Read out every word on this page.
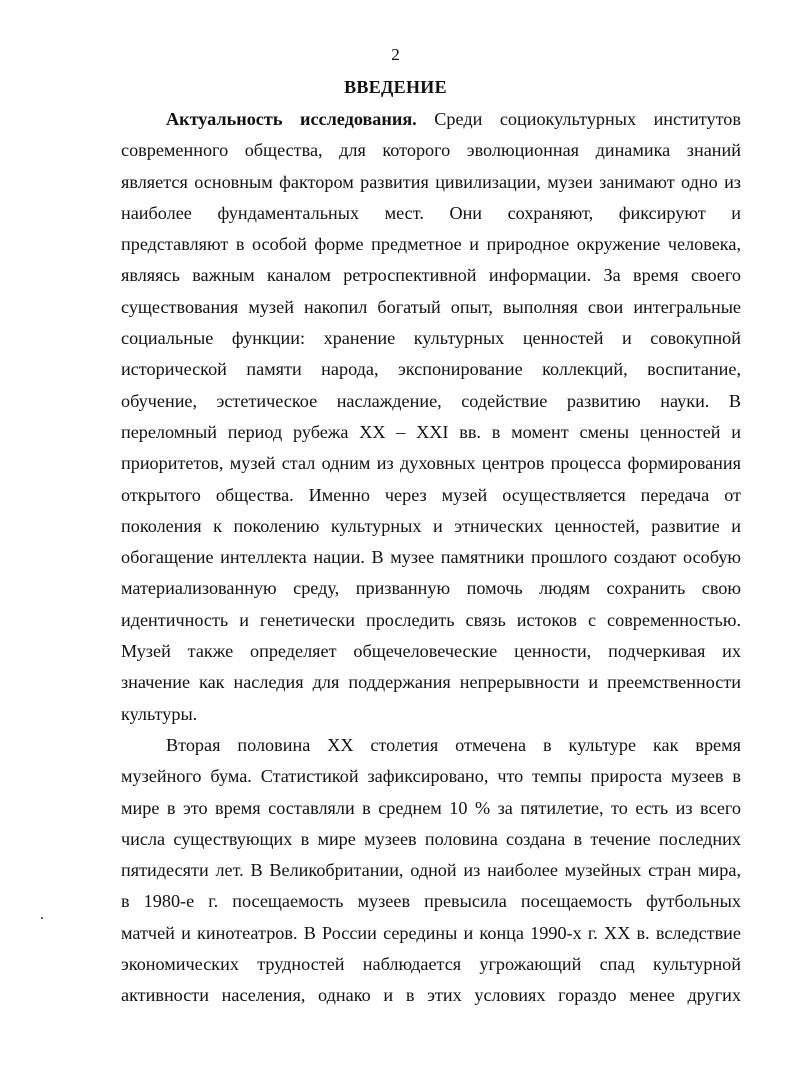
2
ВВЕДЕНИЕ
Актуальность исследования. Среди социокультурных институтов
современного общества, для которого эволюционная динамика знаний
является основным фактором развития цивилизации, музеи занимают одно из
наиболее фундаментальных мест. Они сохраняют, фиксируют и
представляют в особой форме предметное и природное окружение человека,
являясь важным каналом ретроспективной информации. За время своего
существования музей накопил богатый опыт, выполняя свои интегральные
социальные функции: хранение культурных ценностей и совокупной
исторической памяти народа, экспонирование коллекций, воспитание,
обучение, эстетическое наслаждение, содействие развитию науки. В
переломный период рубежа XX – XXI вв. в момент смены ценностей и
приоритетов, музей стал одним из духовных центров процесса формирования
открытого общества. Именно через музей осуществляется передача от
поколения к поколению культурных и этнических ценностей, развитие и
обогащение интеллекта нации. В музее памятники прошлого создают особую
материализованную среду, призванную помочь людям сохранить свою
идентичность и генетически проследить связь истоков с современностью.
Музей также определяет общечеловеческие ценности, подчеркивая их
значение как наследия для поддержания непрерывности и преемственности
культуры.
Вторая половина XX столетия отмечена в культуре как время
музейного бума. Статистикой зафиксировано, что темпы прироста музеев в
мире в это время составляли в среднем 10 % за пятилетие, то есть из всего
числа существующих в мире музеев половина создана в течение последних
пятидесяти лет. В Великобритании, одной из наиболее музейных стран мира,
в 1980-е г. посещаемость музеев превысила посещаемость футбольных
матчей и кинотеатров. В России середины и конца 1990-х г. XX в. вследствие
экономических трудностей наблюдается угрожающий спад культурной
активности населения, однако и в этих условиях гораздо менее других
